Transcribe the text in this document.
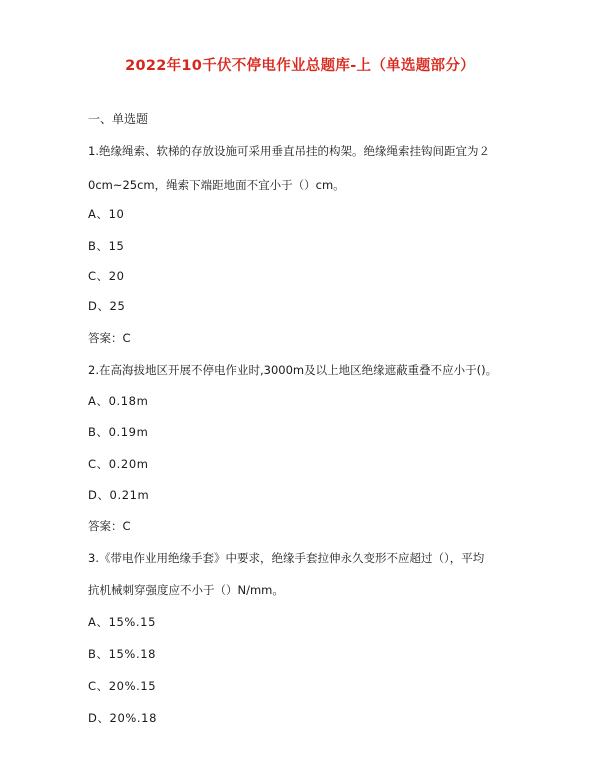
2022年10千伏不停电作业总题库-上（单选题部分）
一、单选题
1.绝缘绳索、软梯的存放设施可采用垂直吊挂的构架。绝缘绳索挂钩间距宜为２
0cm~25cm，绳索下端距地面不宜小于（）cm。
A、10
B、15
C、20
D、25
答案：C
2.在高海拔地区开展不停电作业时,3000m及以上地区绝缘遮蔽重叠不应小于()。
A、0.18m
B、0.19m
C、0.20m
D、0.21m
答案：C
3.《带电作业用绝缘手套》中要求，绝缘手套拉伸永久变形不应超过（），平均
抗机械刺穿强度应不小于（）N/mm。
A、15%.15
B、15%.18
C、20%.15
D、20%.18
